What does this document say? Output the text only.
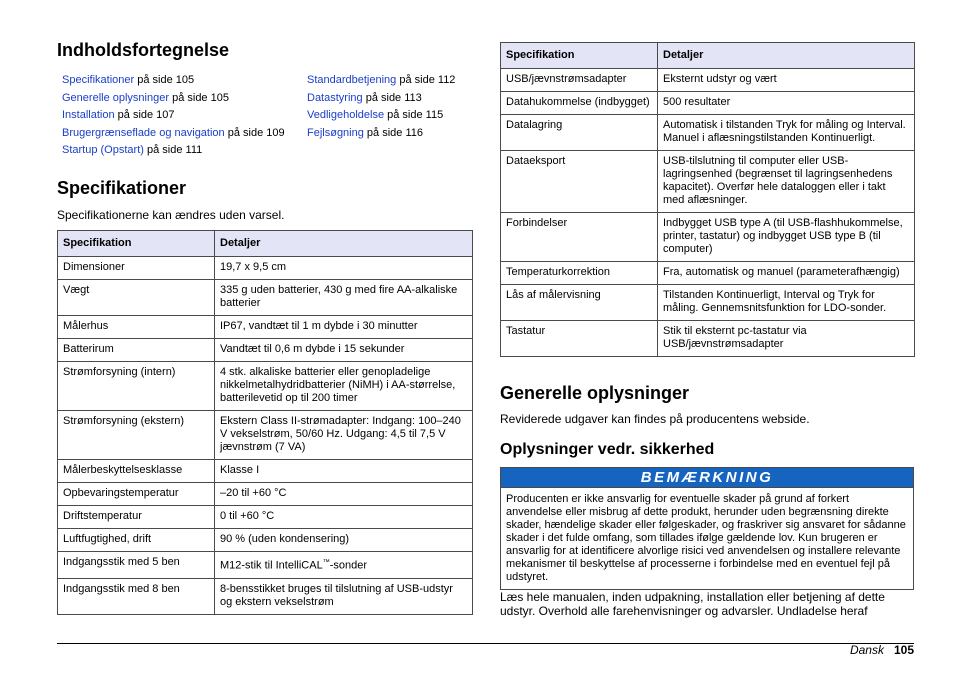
Indholdsfortegnelse
Specifikationer på side 105
Generelle oplysninger på side 105
Installation på side 107
Brugergrænseflade og navigation på side 109
Startup (Opstart) på side 111
Standardbetjening på side 112
Datastyring på side 113
Vedligeholdelse på side 115
Fejlsøgning på side 116
Specifikationer

Specifikationerne kan ændres uden varsel.

Specifikation	Detaljer
Dimensioner	19,7 x 9,5 cm
Vægt	335 g uden batterier, 430 g med fire AA-alkaliske batterier
Målerhus	IP67, vandtæt til 1 m dybde i 30 minutter
Batterirum	Vandtæt til 0,6 m dybde i 15 sekunder
Strømforsyning (intern)	4 stk. alkaliske batterier eller genopladelige nikkelmetalhydridbatterier (NiMH) i AA-størrelse, batterilevetid op til 200 timer
Strømforsyning (ekstern)	Ekstern Class II-strømadapter: Indgang: 100–240 V vekselstrøm, 50/60 Hz. Udgang: 4,5 til 7,5 V jævnstrøm (7 VA)
Målerbeskyttelsesklasse	Klasse I
Opbevaringstemperatur	–20 til +60 °C
Driftstemperatur	0 til +60 °C
Luftfugtighed, drift	90 % (uden kondensering)
Indgangsstik med 5 ben	M12-stik til IntelliCAL™-sonder
Indgangsstik med 8 ben	8-bensstikket bruges til tilslutning af USB-udstyr og ekstern vekselstrøm
Specifikation	Detaljer
USB/jævnstrømsadapter	Eksternt udstyr og vært
Datahukommelse (indbygget)	500 resultater
Datalagring	Automatisk i tilstanden Tryk for måling og Interval. Manuel i aflæsningstilstanden Kontinuerligt.
Dataeksport	USB-tilslutning til computer eller USB-lagringsenhed (begrænset til lagringsenhedens kapacitet). Overfør hele dataloggen eller i takt med aflæsninger.
Forbindelser	Indbygget USB type A (til USB-flashhukommelse, printer, tastatur) og indbygget USB type B (til computer)
Temperaturkorrektion	Fra, automatisk og manuel (parameterafhængig)
Lås af målervisning	Tilstanden Kontinuerligt, Interval og Tryk for måling. Gennemsnitsfunktion for LDO-sonder.
Tastatur	Stik til eksternt pc-tastatur via USB/jævnstrømsadapter
Generelle oplysninger

Reviderede udgaver kan findes på producentens webside.

Oplysninger vedr. sikkerhed
BEMÆRKNING
Producenten er ikke ansvarlig for eventuelle skader på grund af forkert anvendelse eller misbrug af dette produkt, herunder uden begrænsning direkte skader, hændelige skader eller følgeskader, og fraskriver sig ansvaret for sådanne skader i det fulde omfang, som tillades ifølge gældende lov. Kun brugeren er ansvarlig for at identificere alvorlige risici ved anvendelsen og installere relevante mekanismer til beskyttelse af processerne i forbindelse med en eventuel fejl på udstyret.

Læs hele manualen, inden udpakning, installation eller betjening af dette udstyr. Overhold alle farehenvisninger og advarsler. Undladelse heraf

Dansk 105
